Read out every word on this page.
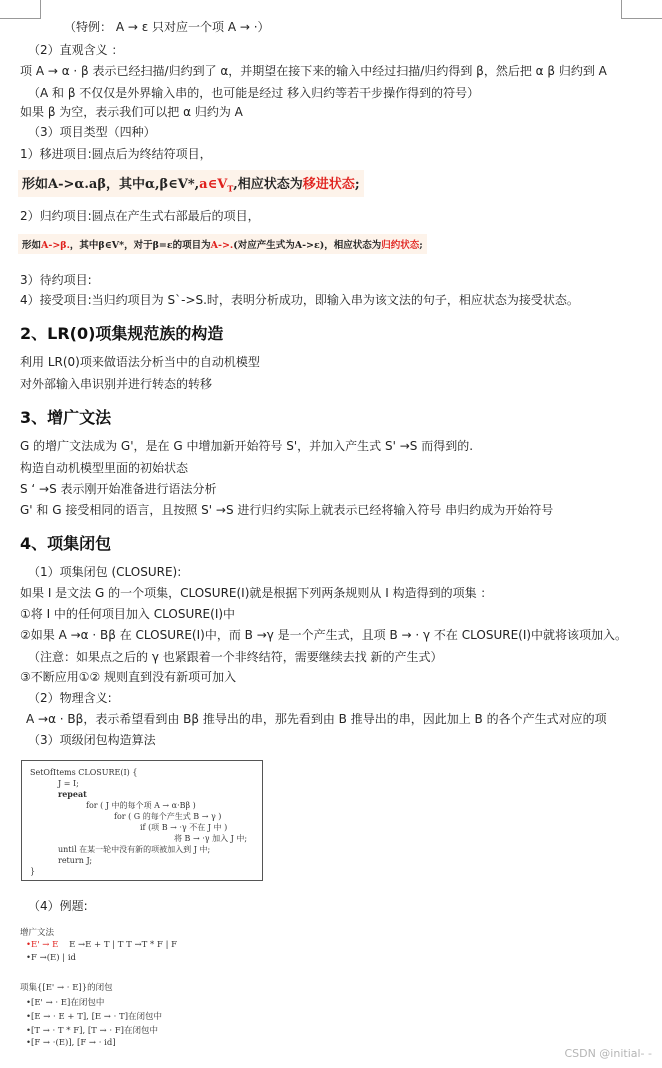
（特例： A → ε 只对应一个项 A → ·）
（2）直观含义 ：
项 A → α · β 表示已经扫描/归约到了 α，并期望在接下来的输入中经过扫描/归约得到 β，然后把 α β 归约到 A
（A 和 β 不仅仅是外界输入串的，也可能是经过 移入归约等若干步操作得到的符号）
如果 β 为空，表示我们可以把 α 归约为 A
（3）项目类型（四种）
1）移进项目:圆点后为终结符项目，
形如A->α.aβ，其中$\alpha,\beta\in V*,a\in V_T$,相应状态为移进状态;
2）归约项目:圆点在产生式右部最后的项目，
形如A->β.，其中β∈V*，对于β=ε的项目为A->.(对应产生式为A->ε)，相应状态为归约状态;
3）待约项目:
4）接受项目:当归约项目为 S`->S.时，表明分析成功，即输入串为该文法的句子，相应状态为接受状态。
2、LR(0)项集规范族的构造
利用 LR(0)项来做语法分析当中的自动机模型
对外部输入串识别并进行转态的转移
3、增广文法
G 的增广文法成为 G'，是在 G 中增加新开始符号 S'，并加入产生式 S' →S 而得到的.
构造自动机模型里面的初始状态
S ‘ →S 表示刚开始准备进行语法分析
G' 和 G 接受相同的语言，且按照 S' →S 进行归约实际上就表示已经将输入符号 串归约成为开始符号
4、项集闭包
（1）项集闭包 (CLOSURE):
如果 I 是文法 G 的一个项集，CLOSURE(I)就是根据下列两条规则从 I 构造得到的项集 ：
①将 I 中的任何项目加入 CLOSURE(I)中
②如果 A →α · Bβ 在 CLOSURE(I)中，而 B →γ 是一个产生式，且项 B → · γ 不在 CLOSURE(I)中就将该项加入。
（注意：如果点之后的 γ 也紧跟着一个非终结符，需要继续去找 新的产生式）
③不断应用①② 规则直到没有新项可加入
（2）物理含义:
A →α · Bβ，表示希望看到由 Bβ 推导出的串，那先看到由 B 推导出的串，因此加上 B 的各个产生式对应的项
（3）项级闭包构造算法
SetOfItems CLOSURE(I) {
J = I;
repeat
for ( J 中的每个项 A → α·Bβ )
for ( G 的每个产生式 B → γ )
if (项 B → ·γ 不在 J 中 )
将 B → ·γ 加入 J 中;
until 在某一轮中没有新的项被加入到 J 中;
return J;
}
（4）例题:
增广文法
•E' → E E →E + T | T T →T * F | F
•F →(E) | id
项集{[E' → · E]}的闭包
•[E' → · E]在闭包中
•[E → · E + T], [E → · T]在闭包中
•[T → · T * F], [T → · F]在闭包中
•[F → ·(E)], [F → · id]
CSDN @initial- -
